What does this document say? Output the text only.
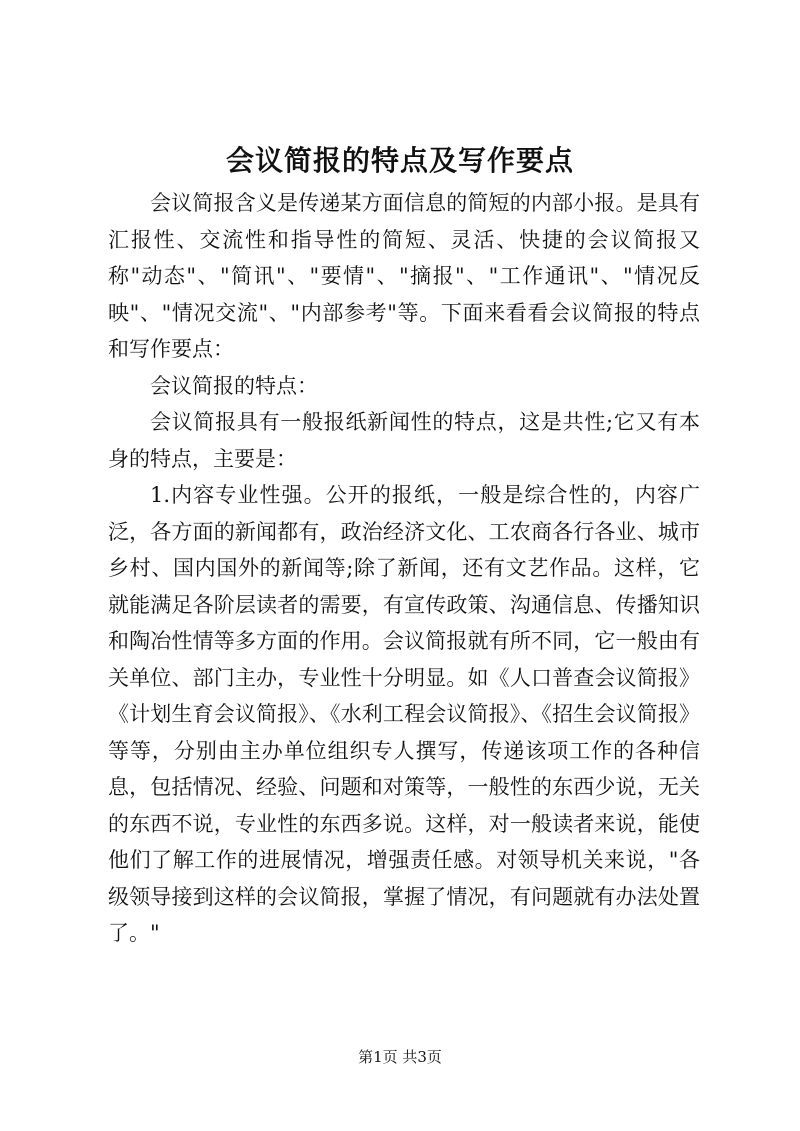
会议简报的特点及写作要点

会议简报含义是传递某方面信息的简短的内部小报。是具有汇报性、交流性和指导性的简短、灵活、快捷的会议简报又称"动态"、"简讯"、"要情"、"摘报"、"工作通讯"、"情况反映"、"情况交流"、"内部参考"等。下面来看看会议简报的特点和写作要点：

会议简报的特点：

会议简报具有一般报纸新闻性的特点，这是共性;它又有本身的特点，主要是：

1.内容专业性强。公开的报纸，一般是综合性的，内容广泛，各方面的新闻都有，政治经济文化、工农商各行各业、城市乡村、国内国外的新闻等;除了新闻，还有文艺作品。这样，它就能满足各阶层读者的需要，有宣传政策、沟通信息、传播知识和陶冶性情等多方面的作用。会议简报就有所不同，它一般由有关单位、部门主办，专业性十分明显。如《人口普查会议简报》《计划生育会议简报》、《水利工程会议简报》、《招生会议简报》等等，分别由主办单位组织专人撰写，传递该项工作的各种信息，包括情况、经验、问题和对策等，一般性的东西少说，无关的东西不说，专业性的东西多说。这样，对一般读者来说，能使他们了解工作的进展情况，增强责任感。对领导机关来说，"各级领导接到这样的会议简报，掌握了情况，有问题就有办法处置了。"

第1页 共3页
